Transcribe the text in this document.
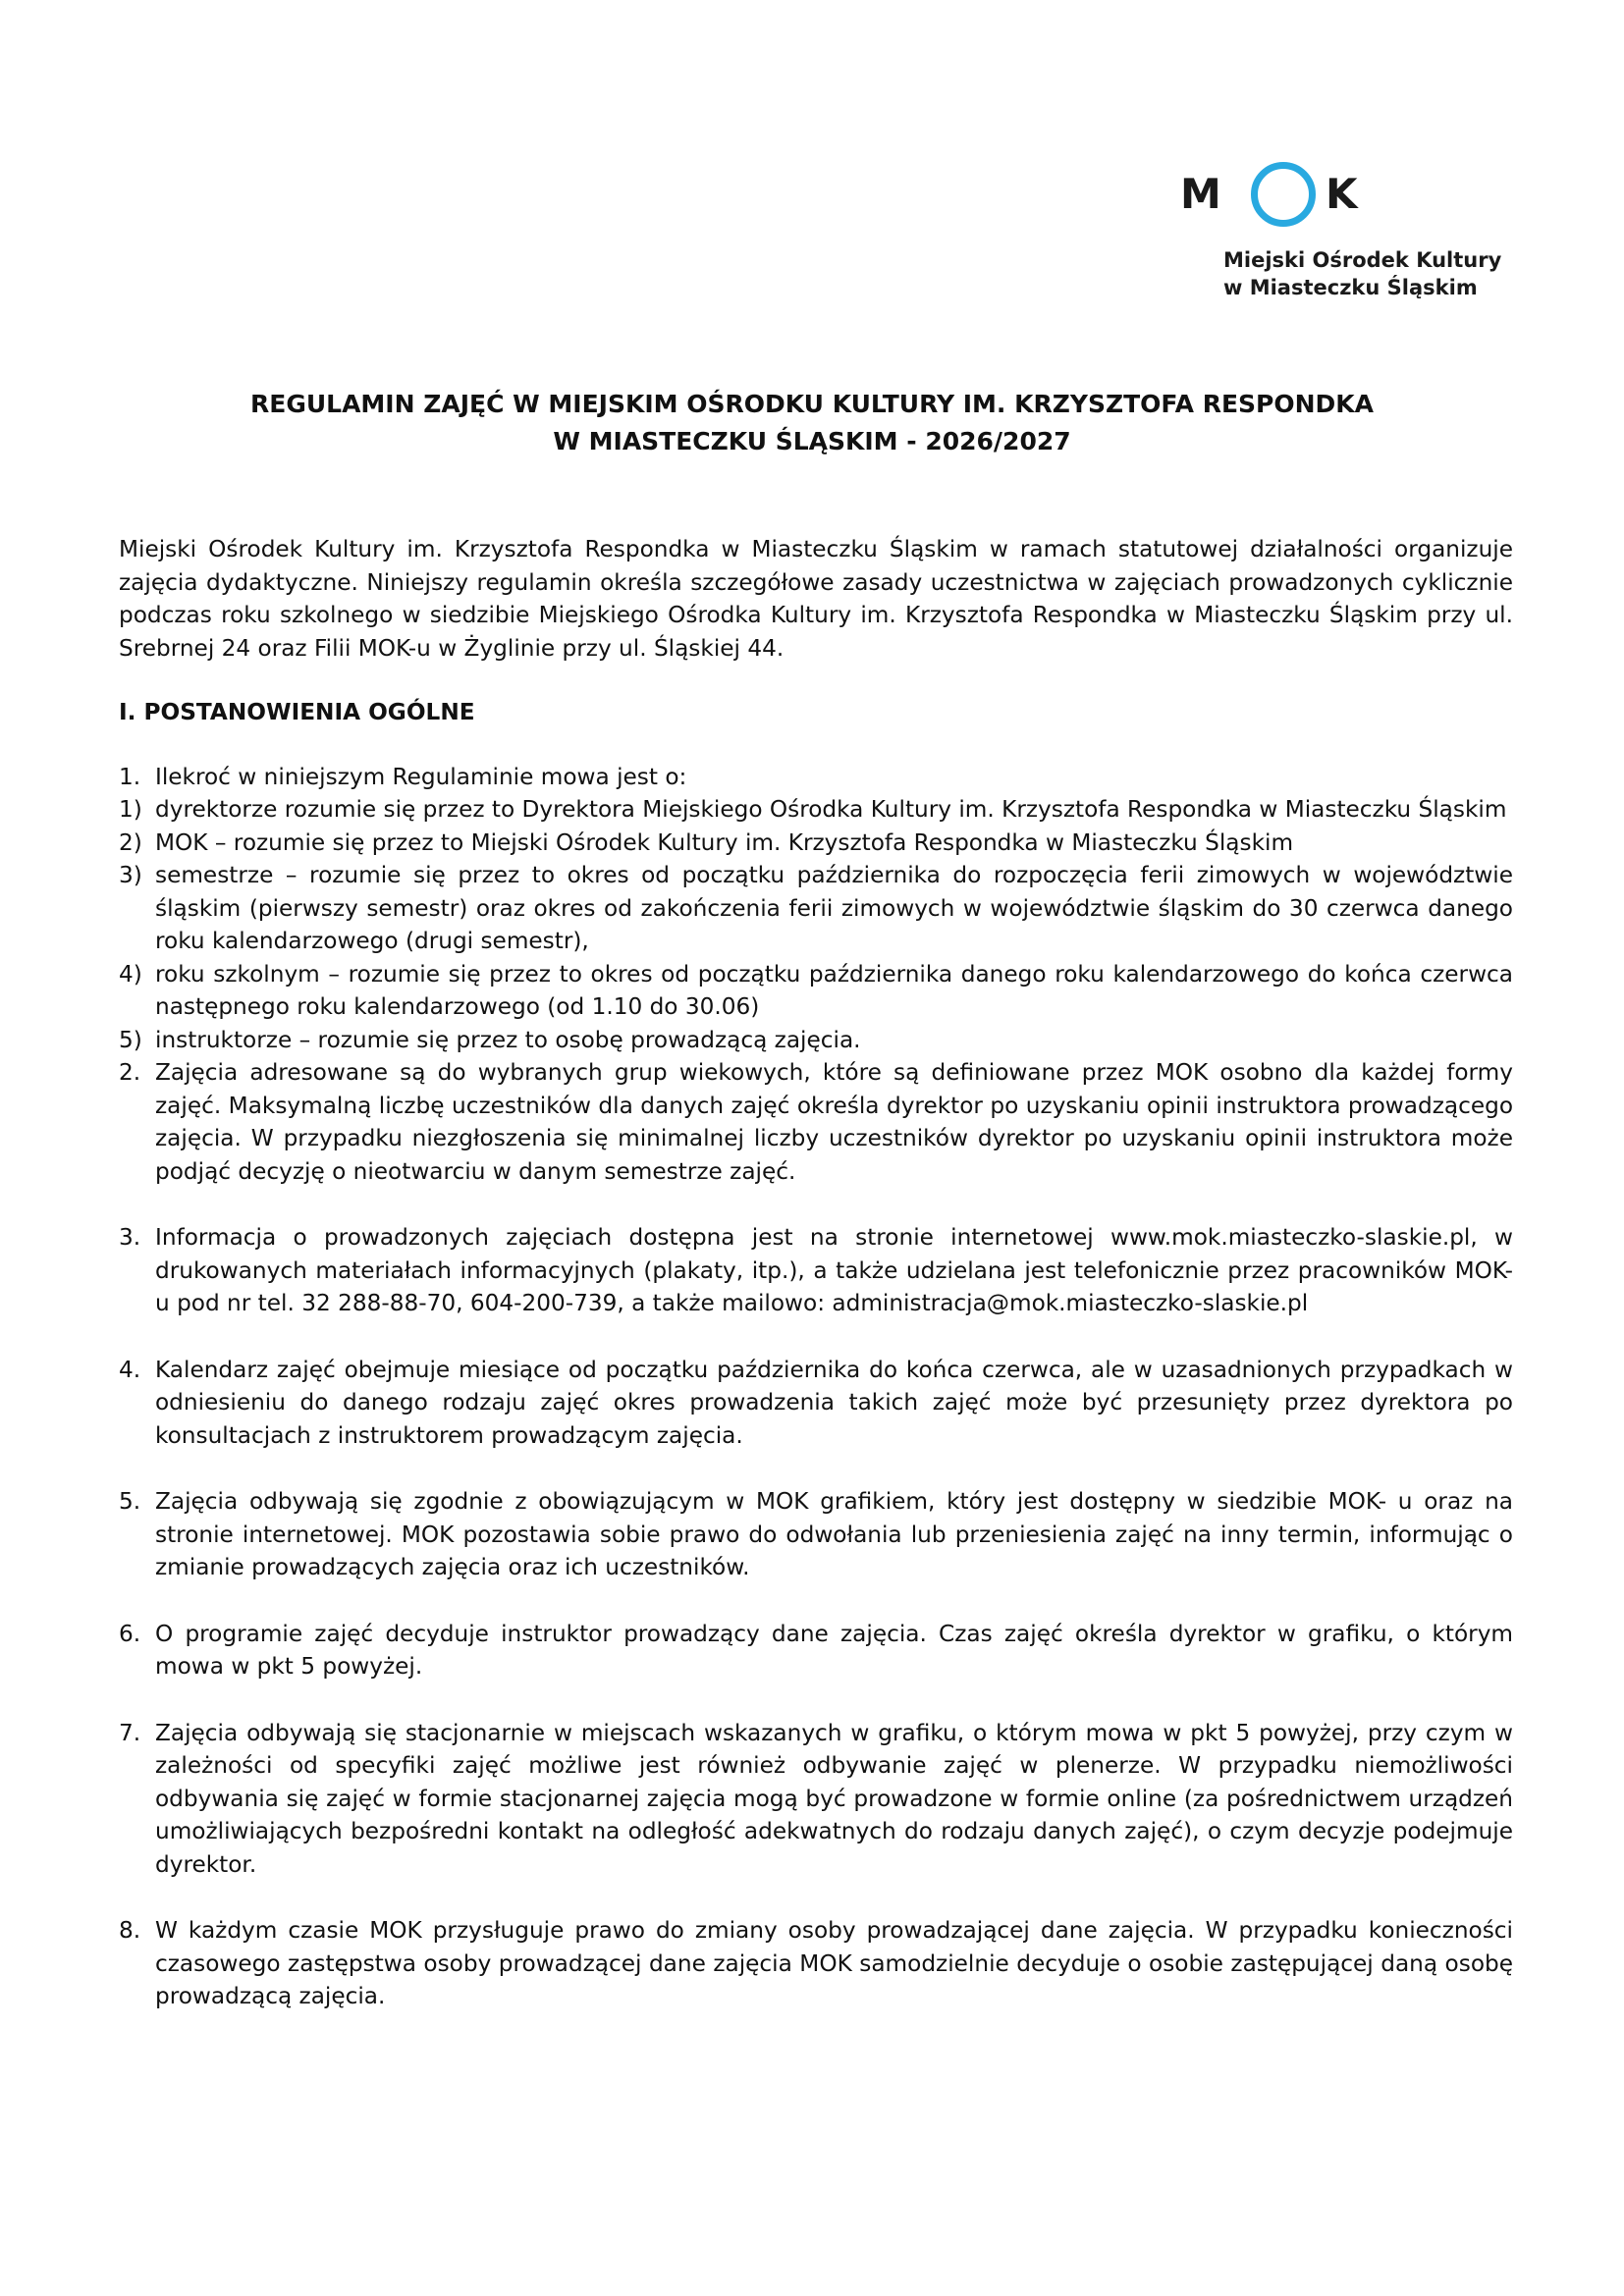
M	K
Miejski Ośrodek Kultury
w Miasteczku Śląskim
REGULAMIN ZAJĘĆ W MIEJSKIM OŚRODKU KULTURY IM. KRZYSZTOFA RESPONDKA
W MIASTECZKU ŚLĄSKIM - 2026/2027

Miejski Ośrodek Kultury im. Krzysztofa Respondka w Miasteczku Śląskim w ramach statutowej działalności organizuje zajęcia dydaktyczne. Niniejszy regulamin określa szczegółowe zasady uczestnictwa w zajęciach prowadzonych cyklicznie podczas roku szkolnego w siedzibie Miejskiego Ośrodka Kultury im. Krzysztofa Respondka w Miasteczku Śląskim przy ul. Srebrnej 24 oraz Filii MOK-u w Żyglinie przy ul. Śląskiej 44.

I. POSTANOWIENIA OGÓLNE

1. Ilekroć w niniejszym Regulaminie mowa jest o:
1) dyrektorze rozumie się przez to Dyrektora Miejskiego Ośrodka Kultury im. Krzysztofa Respondka w Miasteczku Śląskim
2) MOK – rozumie się przez to Miejski Ośrodek Kultury im. Krzysztofa Respondka w Miasteczku Śląskim
3) semestrze – rozumie się przez to okres od początku października do rozpoczęcia ferii zimowych w województwie śląskim (pierwszy semestr) oraz okres od zakończenia ferii zimowych w województwie śląskim do 30 czerwca danego roku kalendarzowego (drugi semestr),
4) roku szkolnym – rozumie się przez to okres od początku października danego roku kalendarzowego do końca czerwca następnego roku kalendarzowego (od 1.10 do 30.06)
5) instruktorze – rozumie się przez to osobę prowadzącą zajęcia.
2. Zajęcia adresowane są do wybranych grup wiekowych, które są definiowane przez MOK osobno dla każdej formy zajęć. Maksymalną liczbę uczestników dla danych zajęć określa dyrektor po uzyskaniu opinii instruktora prowadzącego zajęcia. W przypadku niezgłoszenia się minimalnej liczby uczestników dyrektor po uzyskaniu opinii instruktora może podjąć decyzję o nieotwarciu w danym semestrze zajęć.
3. Informacja o prowadzonych zajęciach dostępna jest na stronie internetowej www.mok.miasteczko-slaskie.pl, w drukowanych materiałach informacyjnych (plakaty, itp.), a także udzielana jest telefonicznie przez pracowników MOK-u pod nr tel. 32 288-88-70, 604-200-739, a także mailowo: administracja@mok.miasteczko-slaskie.pl
4. Kalendarz zajęć obejmuje miesiące od początku października do końca czerwca, ale w uzasadnionych przypadkach w odniesieniu do danego rodzaju zajęć okres prowadzenia takich zajęć może być przesunięty przez dyrektora po konsultacjach z instruktorem prowadzącym zajęcia.
5. Zajęcia odbywają się zgodnie z obowiązującym w MOK grafikiem, który jest dostępny w siedzibie MOK- u oraz na stronie internetowej. MOK pozostawia sobie prawo do odwołania lub przeniesienia zajęć na inny termin, informując o zmianie prowadzących zajęcia oraz ich uczestników.
6. O programie zajęć decyduje instruktor prowadzący dane zajęcia. Czas zajęć określa dyrektor w grafiku, o którym mowa w pkt 5 powyżej.
7. Zajęcia odbywają się stacjonarnie w miejscach wskazanych w grafiku, o którym mowa w pkt 5 powyżej, przy czym w zależności od specyfiki zajęć możliwe jest również odbywanie zajęć w plenerze. W przypadku niemożliwości odbywania się zajęć w formie stacjonarnej zajęcia mogą być prowadzone w formie online (za pośrednictwem urządzeń umożliwiających bezpośredni kontakt na odległość adekwatnych do rodzaju danych zajęć), o czym decyzje podejmuje dyrektor.
8. W każdym czasie MOK przysługuje prawo do zmiany osoby prowadzającej dane zajęcia. W przypadku konieczności czasowego zastępstwa osoby prowadzącej dane zajęcia MOK samodzielnie decyduje o osobie zastępującej daną osobę prowadzącą zajęcia.
